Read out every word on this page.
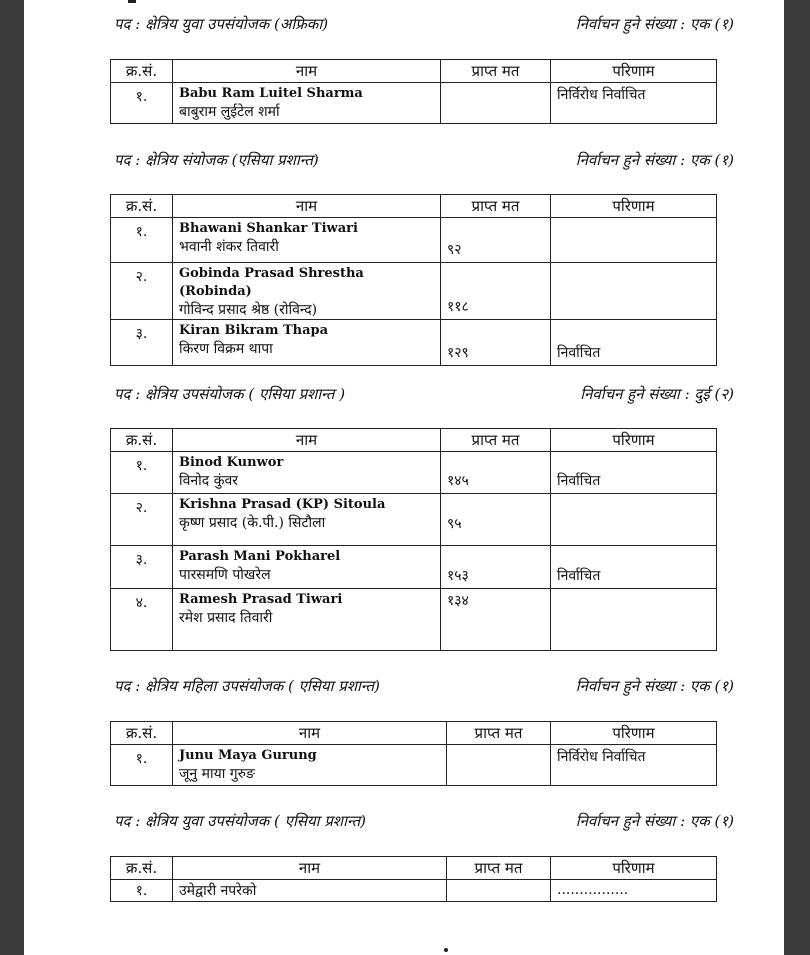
पद : क्षेत्रिय युवा उपसंयोजक (अफ्रिका)	निर्वाचन हुने संख्या : एक (१)
क्र.सं.	नाम	प्राप्त मत	परिणाम
१.	Babu Ram Luitel Sharma
बाबुराम लुईटेल शर्मा		निर्विरोध निर्वाचित
पद : क्षेत्रिय संयोजक (एसिया प्रशान्त)	निर्वाचन हुने संख्या : एक (१)
क्र.सं.	नाम	प्राप्त मत	परिणाम
१.	Bhawani Shankar Tiwari
भवानी शंकर तिवारी	९२	

२.	Gobinda Prasad Shrestha (Robinda)
गोविन्द प्रसाद श्रेष्ठ (रोविन्द)	११८	

३.	Kiran Bikram Thapa
किरण विक्रम थापा	१२९	निर्वाचित
पद : क्षेत्रिय उपसंयोजक ( एसिया प्रशान्त )	निर्वाचन हुने संख्या : दुई (२)
क्र.सं.	नाम	प्राप्त मत	परिणाम
१.	Binod Kunwor
विनोद कुंवर	१४५	निर्वाचित

२.	Krishna Prasad (KP) Sitoula
कृष्ण प्रसाद (के.पी.) सिटौला	९५	

३.	Parash Mani Pokharel
पारसमणि पोखरेल	१५३	निर्वाचित

४.	Ramesh Prasad Tiwari
रमेश प्रसाद तिवारी	१३४	

पद : क्षेत्रिय महिला उपसंयोजक ( एसिया प्रशान्त)	निर्वाचन हुने संख्या : एक (१)
क्र.सं.	नाम	प्राप्त मत	परिणाम
१.	Junu Maya Gurung
जूनु माया गुरुङ		निर्विरोध निर्वाचित
पद : क्षेत्रिय युवा उपसंयोजक ( एसिया प्रशान्त)	निर्वाचन हुने संख्या : एक (१)
क्र.सं.	नाम	प्राप्त मत	परिणाम
१.	उमेद्वारी नपरेको		................
